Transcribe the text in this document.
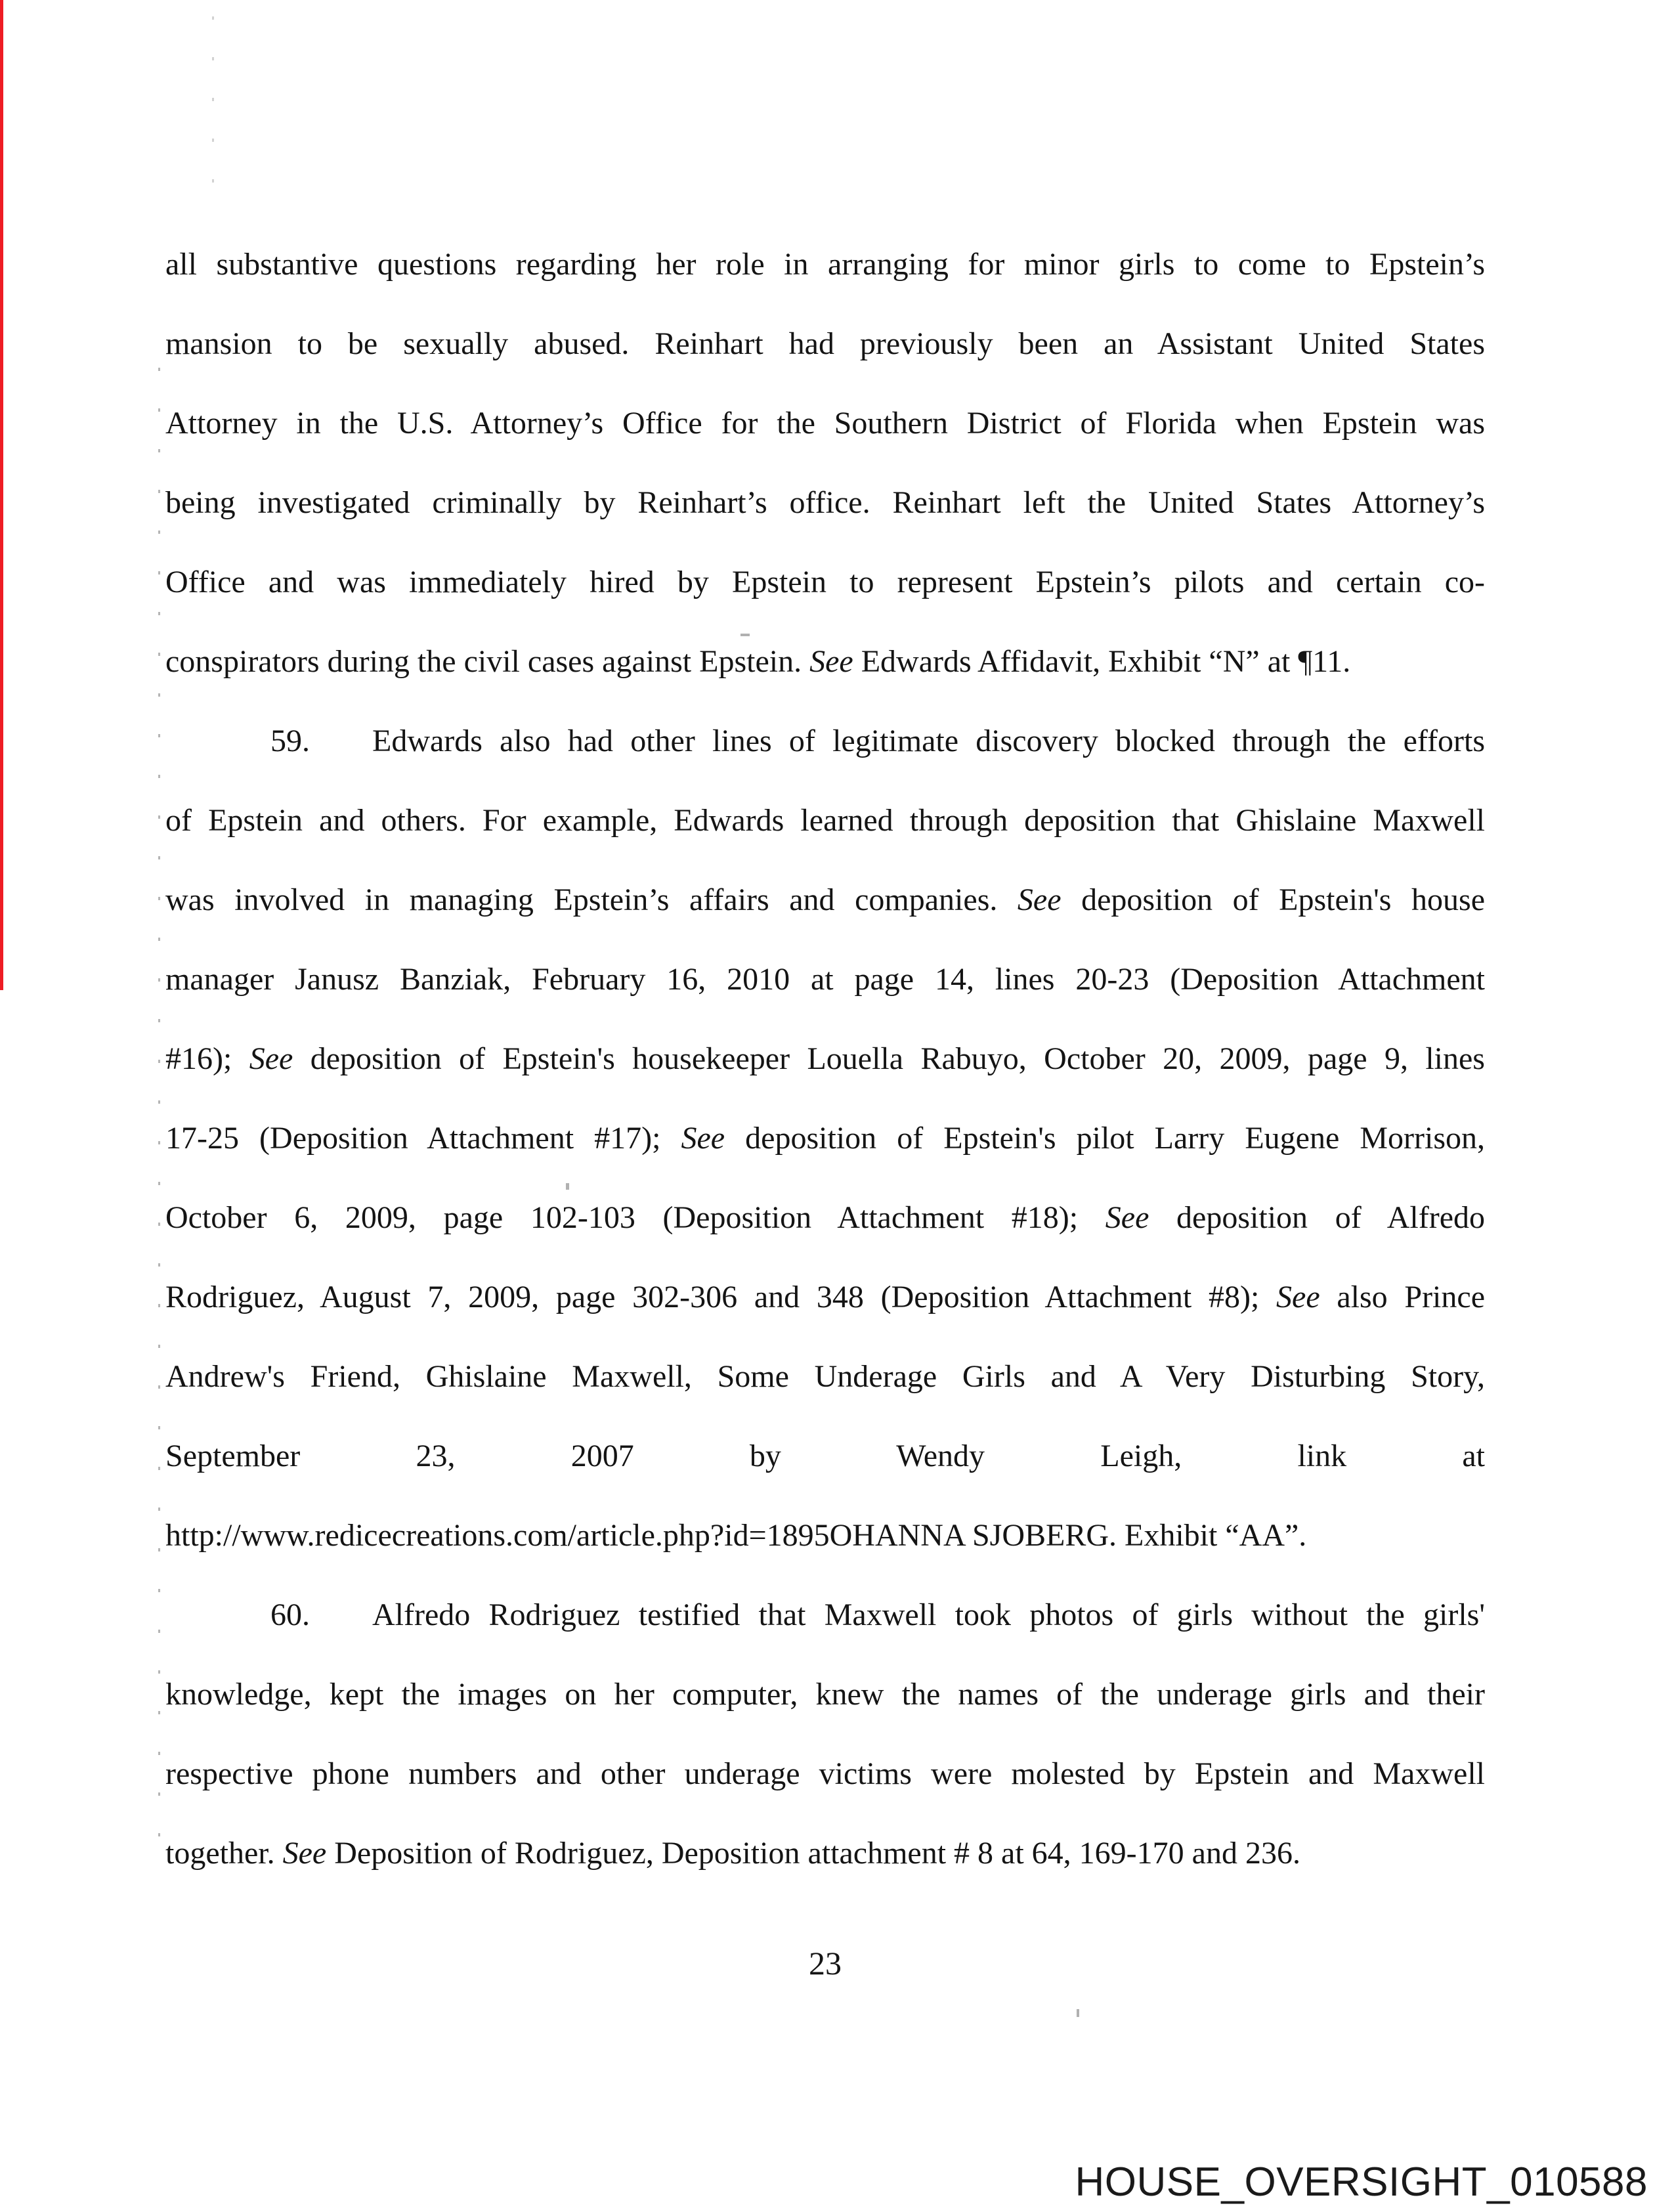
all substantive questions regarding her role in arranging for minor girls to come to Epstein’s
mansion to be sexually abused. Reinhart had previously been an Assistant United States
Attorney in the U.S. Attorney’s Office for the Southern District of Florida when Epstein was
being investigated criminally by Reinhart’s office. Reinhart left the United States Attorney’s
Office and was immediately hired by Epstein to represent Epstein’s pilots and certain co-
conspirators during the civil cases against Epstein. See Edwards Affidavit, Exhibit “N” at ¶11.
59. Edwards also had other lines of legitimate discovery blocked through the efforts
of Epstein and others. For example, Edwards learned through deposition that Ghislaine Maxwell
was involved in managing Epstein’s affairs and companies. See deposition of Epstein's house
manager Janusz Banziak, February 16, 2010 at page 14, lines 20-23 (Deposition Attachment
#16); See deposition of Epstein's housekeeper Louella Rabuyo, October 20, 2009, page 9, lines
17-25 (Deposition Attachment #17); See deposition of Epstein's pilot Larry Eugene Morrison,
October 6, 2009, page 102-103 (Deposition Attachment #18); See deposition of Alfredo
Rodriguez, August 7, 2009, page 302-306 and 348 (Deposition Attachment #8); See also Prince
Andrew's Friend, Ghislaine Maxwell, Some Underage Girls and A Very Disturbing Story,
September 23, 2007 by Wendy Leigh, link at
http://www.redicecreations.com/article.php?id=1895OHANNA SJOBERG. Exhibit “AA”.
60. Alfredo Rodriguez testified that Maxwell took photos of girls without the girls'
knowledge, kept the images on her computer, knew the names of the underage girls and their
respective phone numbers and other underage victims were molested by Epstein and Maxwell
together. See Deposition of Rodriguez, Deposition attachment # 8 at 64, 169-170 and 236.
23
HOUSE_OVERSIGHT_010588
